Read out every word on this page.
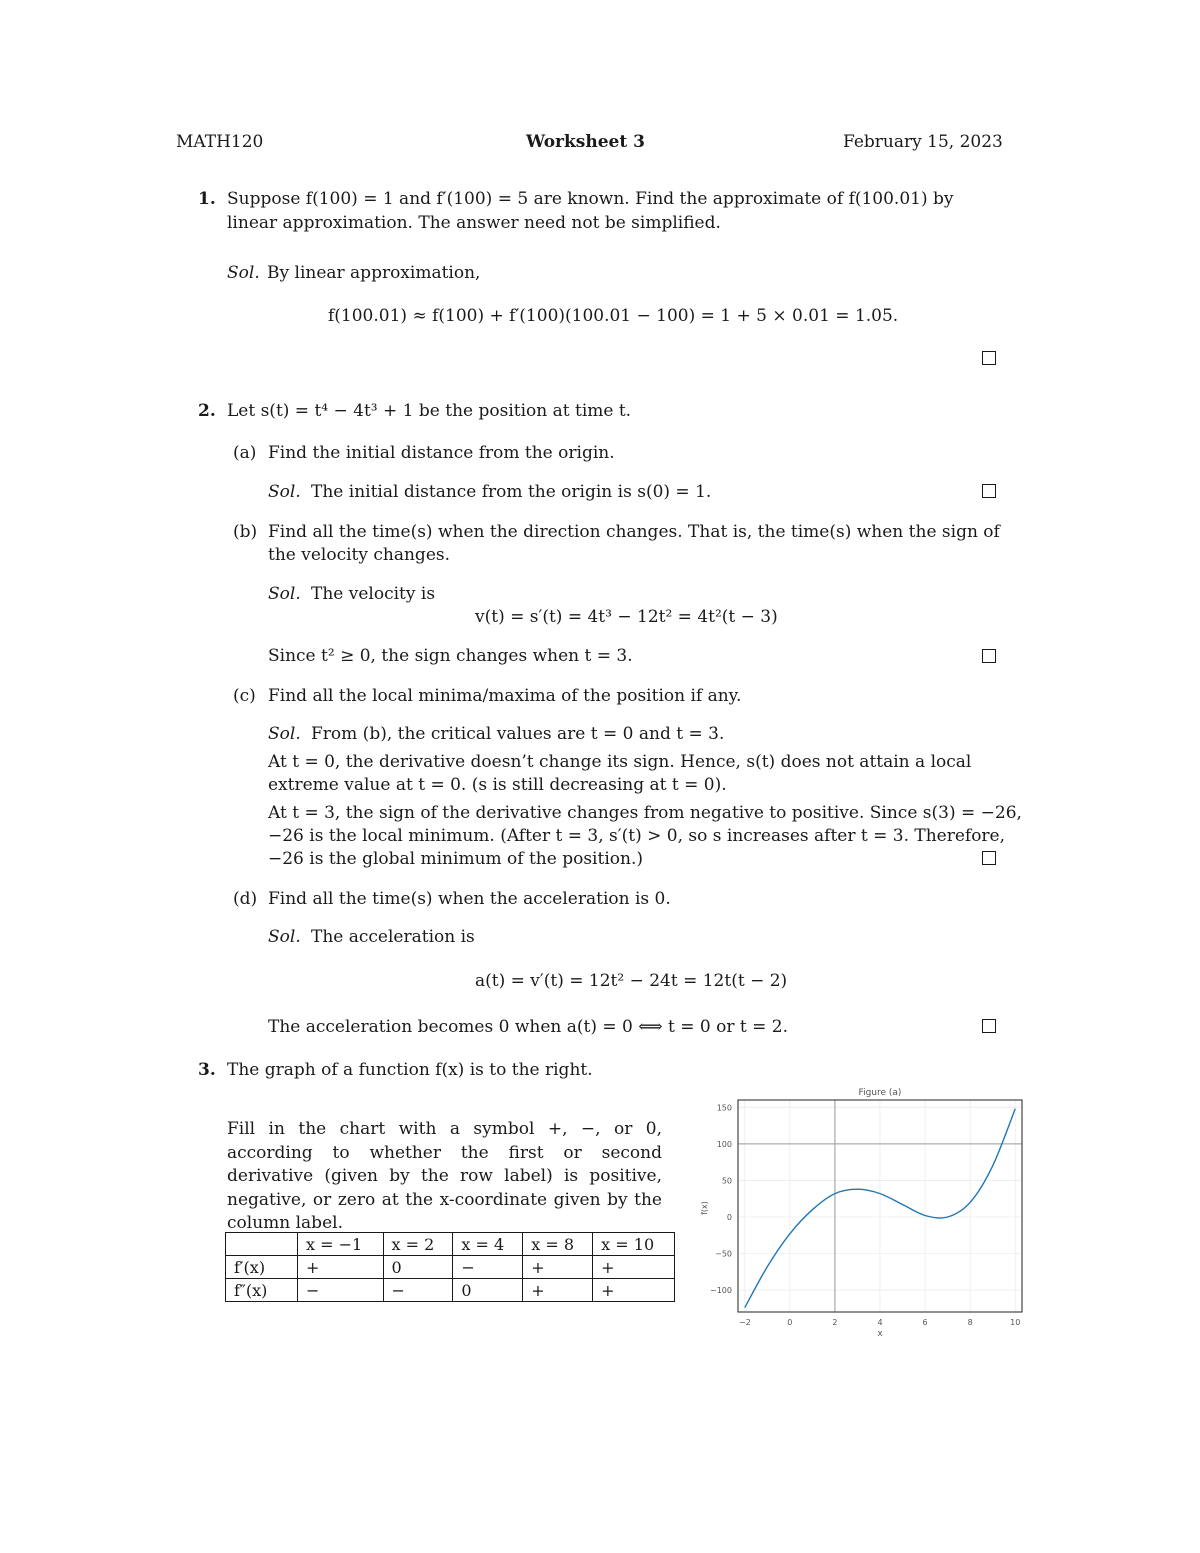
MATH120	Worksheet 3	February 15, 2023
1. Suppose f(100) = 1 and f′(100) = 5 are known. Find the approximate of f(100.01) by
linear approximation. The answer need not be simplified.
Sol. By linear approximation,
f(100.01) ≈ f(100) + f′(100)(100.01 − 100) = 1 + 5 × 0.01 = 1.05.
2. Let s(t) = t⁴ − 4t³ + 1 be the position at time t.
(a) Find the initial distance from the origin.
Sol. The initial distance from the origin is s(0) = 1.
(b) Find all the time(s) when the direction changes. That is, the time(s) when the sign of
the velocity changes.
Sol. The velocity is
v(t) = s′(t) = 4t³ − 12t² = 4t²(t − 3)
Since t² ≥ 0, the sign changes when t = 3.
(c) Find all the local minima/maxima of the position if any.
Sol. From (b), the critical values are t = 0 and t = 3.
At t = 0, the derivative doesn’t change its sign. Hence, s(t) does not attain a local
extreme value at t = 0. (s is still decreasing at t = 0).
At t = 3, the sign of the derivative changes from negative to positive. Since s(3) = −26,
−26 is the local minimum. (After t = 3, s′(t) > 0, so s increases after t = 3. Therefore,
−26 is the global minimum of the position.)
(d) Find all the time(s) when the acceleration is 0.
Sol. The acceleration is
a(t) = v′(t) = 12t² − 24t = 12t(t − 2)
The acceleration becomes 0 when a(t) = 0 ⟺ t = 0 or t = 2.
3. The graph of a function f(x) is to the right.
Fill in the chart with a symbol +, −, or 0, according to whether the first or second derivative (given by the row label) is positive, negative, or zero at the x-coordinate given by the column label.
	x = −1	x = 2	x = 4	x = 8	x = 10
f′(x)	+	0	−	+	+
f″(x)	−	−	0	+	+
Figure (a)
−2	0	2	4	6	8	10
−100
−50
0
50
100
150
x
f(x)
